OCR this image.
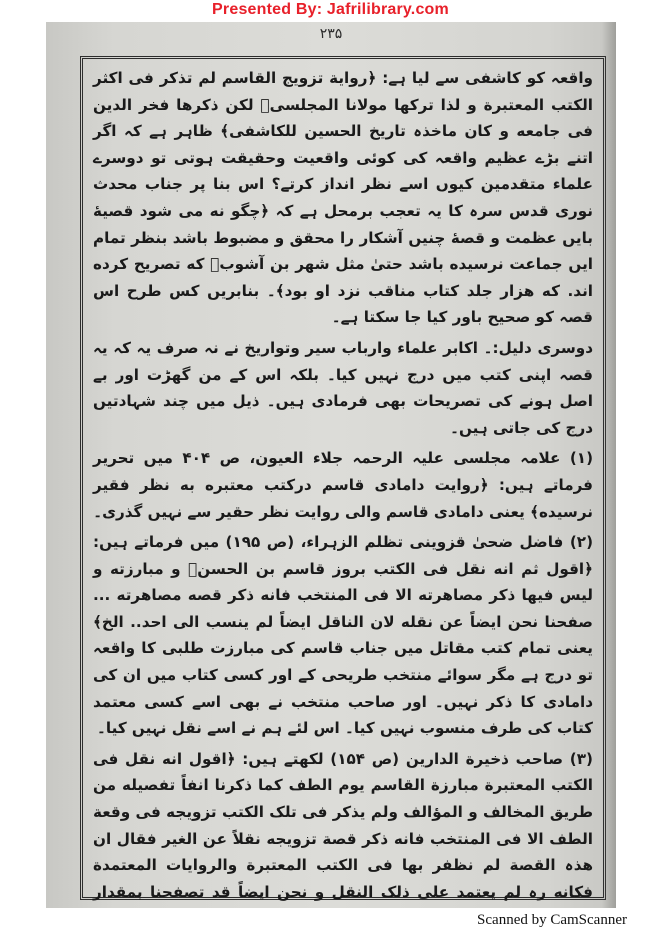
Presented By: Jafrilibrary.com
۲۳۵

واقعہ کو کاشفی سے لیا ہے: ﴿روایة تزویج القاسم لم تذکر فی اکثر الکتب المعتبرة و لذا ترکھا مولانا المجلسیؒ لکن ذکرھا فخر الدین فی جامعه و کان ماخذہ تاریخ الحسین للکاشفی﴾ ظاہر ہے کہ اگر اتنے بڑے عظیم واقعہ کی کوئی واقعیت وحقیقت ہوتی تو دوسرے علماء متقدمین کیوں اسے نظر انداز کرتے؟ اس بنا پر جناب محدث نوری قدس سرہ کا یہ تعجب برمحل ہے کہ ﴿چگو نه می شود قصیهٔ بایں عظمت و قصهٔ چنیں آشکار را محقق و مضبوط باشد بنظر تمام ایں جماعت نرسیده باشد حتیٰ مثل شهر بن آشوبؒ که تصریح کرده اند. که هزار جلد کتاب مناقب نزد او بود﴾۔ بنابریں کس طرح اس قصہ کو صحیح باور کیا جا سکتا ہے۔

دوسری دلیل:۔ اکابر علماء وارباب سیر وتواریخ نے نہ صرف یہ کہ یہ قصہ اپنی کتب میں درج نہیں کیا۔ بلکہ اس کے من گھڑت اور بے اصل ہونے کی تصریحات بھی فرمادی ہیں۔ ذیل میں چند شہادتیں درج کی جاتی ہیں۔

(۱) علامہ مجلسی علیہ الرحمہ جلاء العیون، ص ۴۰۴ میں تحریر فرماتے ہیں: ﴿روایت دامادی قاسم درکتب معتبره به نظر فقیر نرسیده﴾ یعنی دامادی قاسم والی روایت نظر حقیر سے نہیں گذری۔

(۲) فاضل ضحیٰ قزوینی تظلم الزہراء، (ص ۱۹۵) میں فرماتے ہیں: ﴿اقول ثم انه نقل فی الکتب بروز قاسم بن الحسنؑ و مبارزته و لیس فیھا ذکر مصاھرته الا فی المنتخب فانه ذکر قصه مصاھرته ... صفحنا نحن ایضاً عن نقله لان الناقل ایضاً لم ینسب الی احد.. الخ﴾ یعنی تمام کتب مقاتل میں جناب قاسم کی مبارزت طلبی کا واقعہ تو درج ہے مگر سوائے منتخب طریحی کے اور کسی کتاب میں ان کی دامادی کا ذکر نہیں۔ اور صاحب منتخب نے بھی اسے کسی معتمد کتاب کی طرف منسوب نہیں کیا۔ اس لئے ہم نے اسے نقل نہیں کیا۔

(۳) صاحب ذخیرة الدارین (ص ۱۵۴) لکھتے ہیں: ﴿اقول انه نقل فی الکتب المعتبرة مبارزة القاسم یوم الطف کما ذکرنا انفاً تفصیله من طریق المخالف و المؤالف ولم یذکر فی تلک الکتب تزویجه فی وقعة الطف الا فی المنتخب فانه ذکر قصة تزویجه نقلاً عن الغیر فقال ان ھذہ القصة لم نظفر بھا فی الکتب المعتبرة والروایات المعتمدة فکانه رہ لم یعتمد علی ذلک النقل و نحن ایضاً قد تصفحنا بمقدار

Scanned by CamScanner
